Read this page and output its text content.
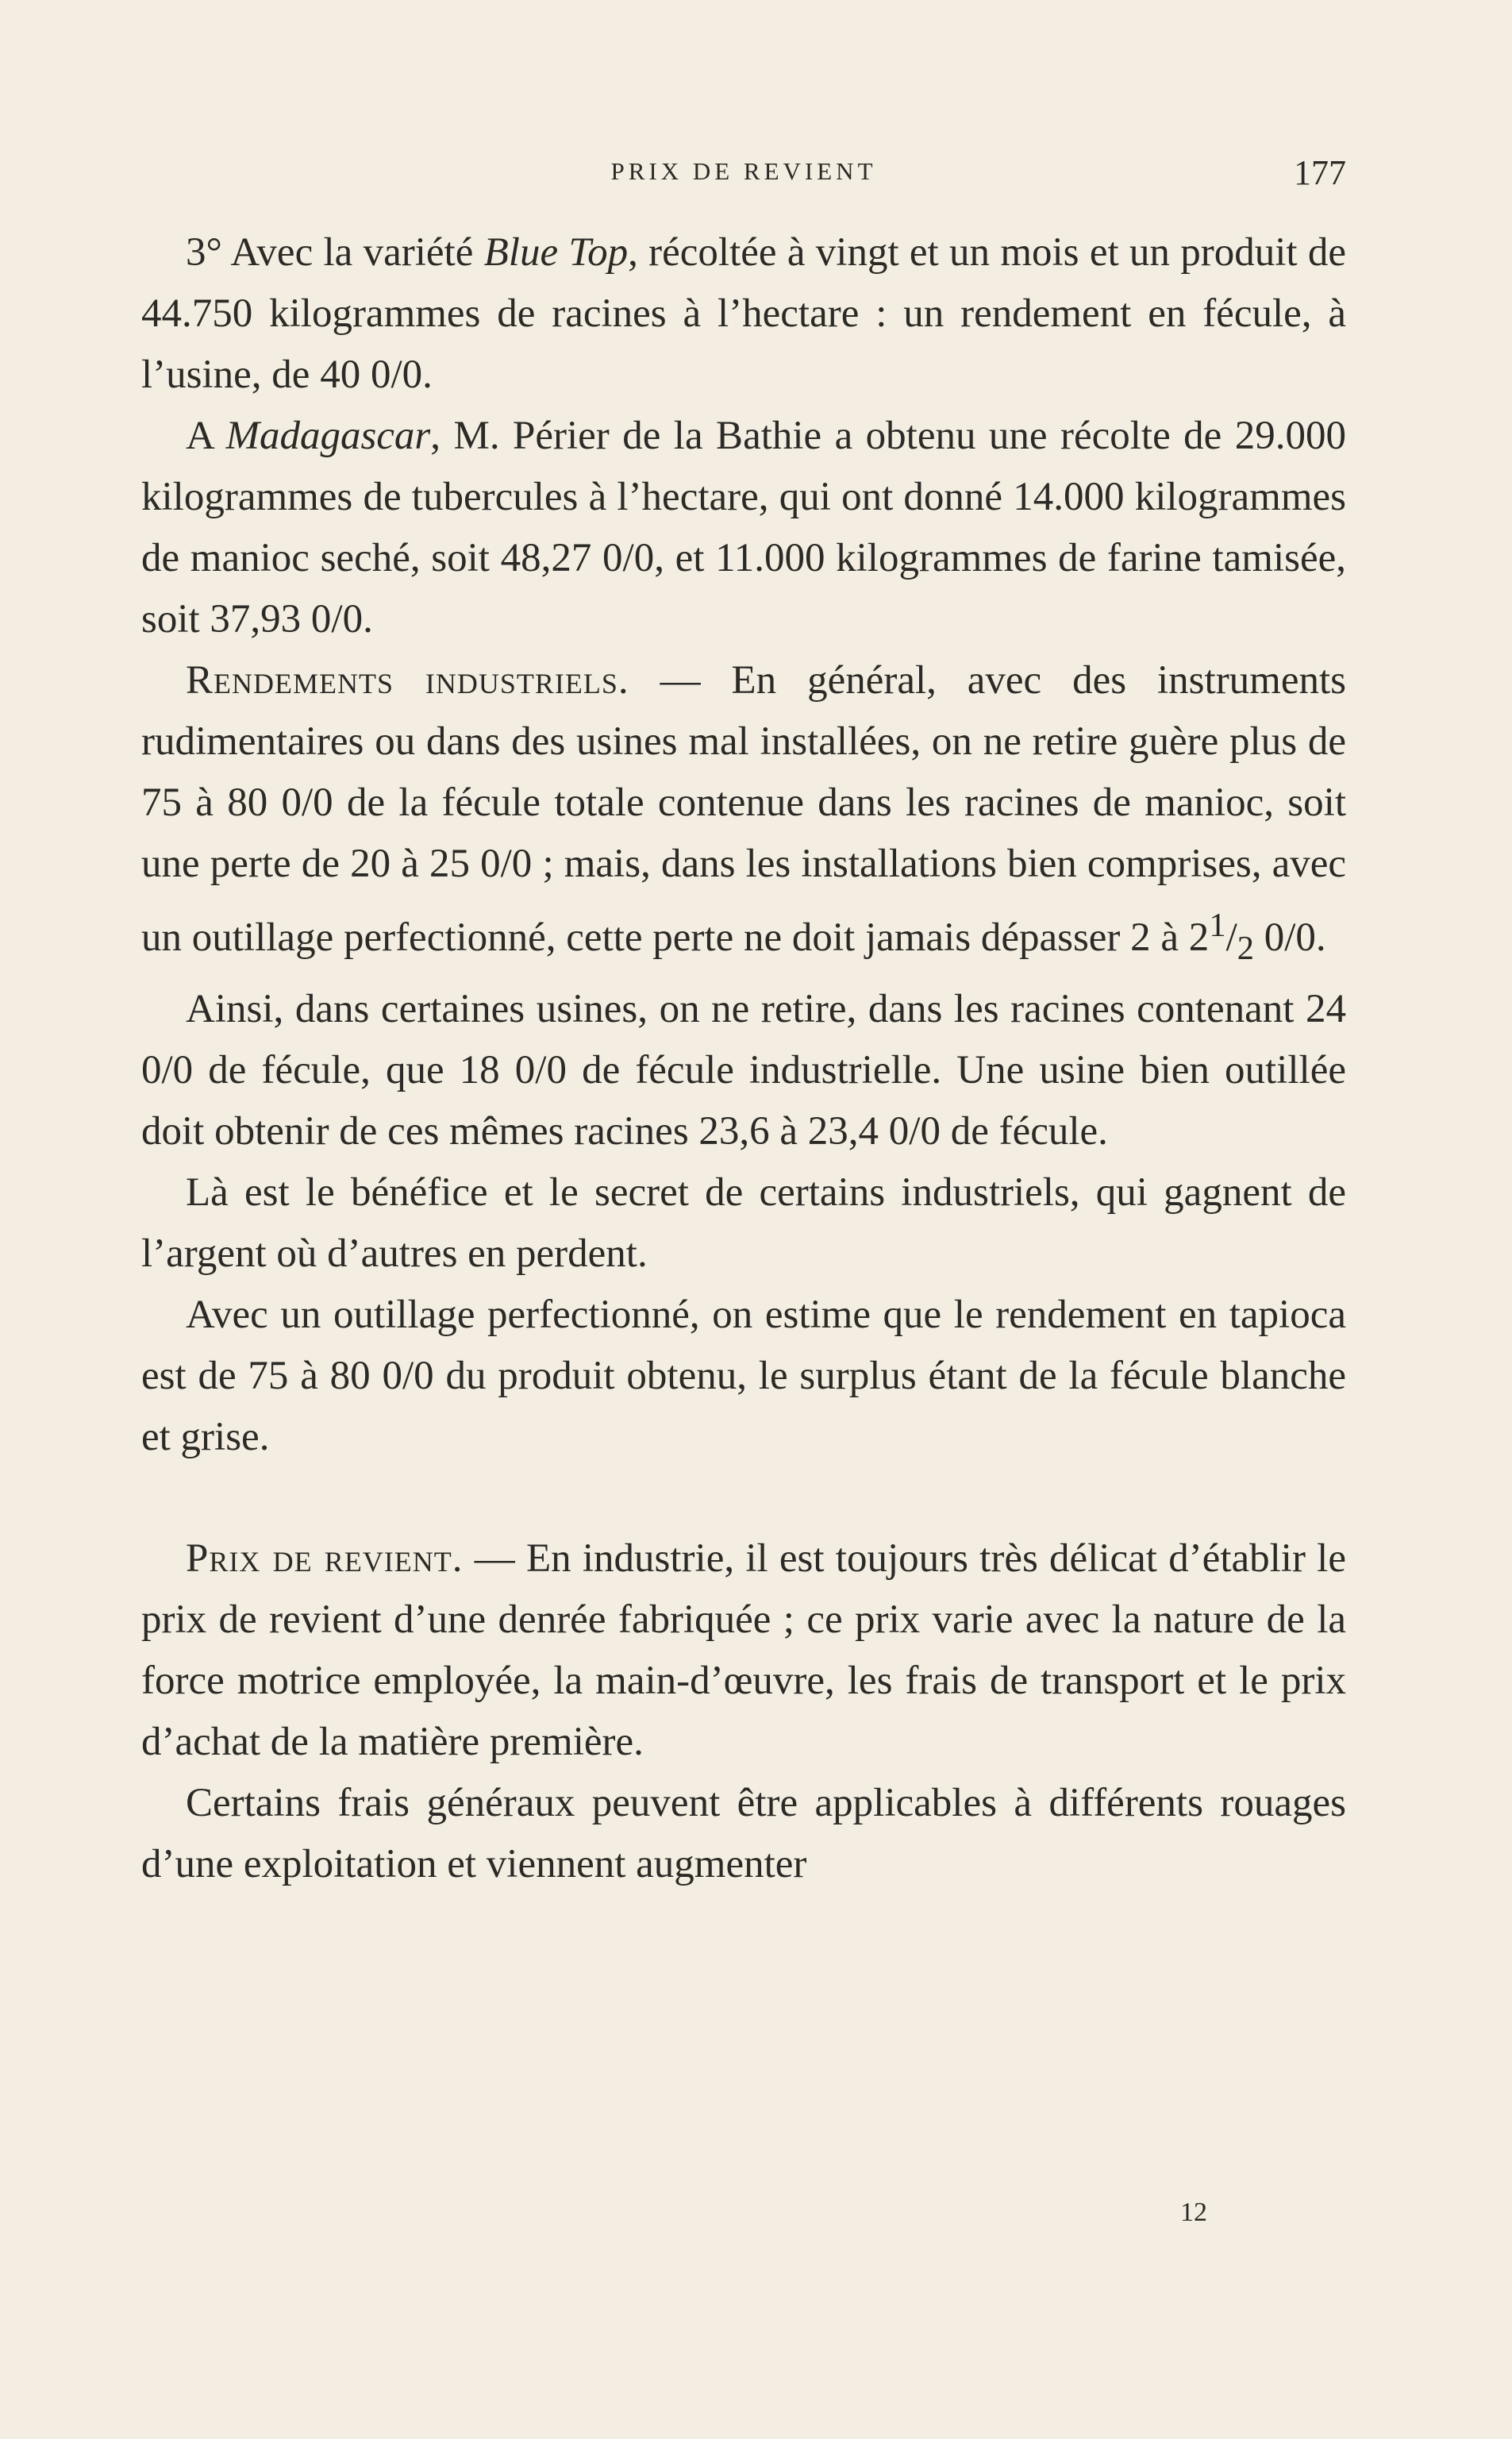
PRIX DE REVIENT	177

3° Avec la variété Blue Top, récoltée à vingt et un mois et un produit de 44.750 kilogrammes de racines à l’hectare : un rendement en fécule, à l’usine, de 40 0/0.

A Madagascar, M. Périer de la Bathie a obtenu une récolte de 29.000 kilogrammes de tubercules à l’hectare, qui ont donné 14.000 kilogrammes de manioc seché, soit 48,27 0/0, et 11.000 kilogrammes de farine tamisée, soit 37,93 0/0.

Rendements industriels. — En général, avec des instruments rudimentaires ou dans des usines mal installées, on ne retire guère plus de 75 à 80 0/0 de la fécule totale contenue dans les racines de manioc, soit une perte de 20 à 25 0/0 ; mais, dans les installations bien comprises, avec un outillage perfectionné, cette perte ne doit jamais dépasser 2 à $2^1/_2$ 0/0.

Ainsi, dans certaines usines, on ne retire, dans les racines contenant 24 0/0 de fécule, que 18 0/0 de fécule industrielle. Une usine bien outillée doit obtenir de ces mêmes racines 23,6 à 23,4 0/0 de fécule.

Là est le bénéfice et le secret de certains industriels, qui gagnent de l’argent où d’autres en perdent.

Avec un outillage perfectionné, on estime que le rendement en tapioca est de 75 à 80 0/0 du produit obtenu, le surplus étant de la fécule blanche et grise.

Prix de revient. — En industrie, il est toujours très délicat d’établir le prix de revient d’une denrée fabriquée ; ce prix varie avec la nature de la force motrice employée, la main-d’œuvre, les frais de transport et le prix d’achat de la matière première.

Certains frais généraux peuvent être applicables à différents rouages d’une exploitation et viennent augmenter

12
